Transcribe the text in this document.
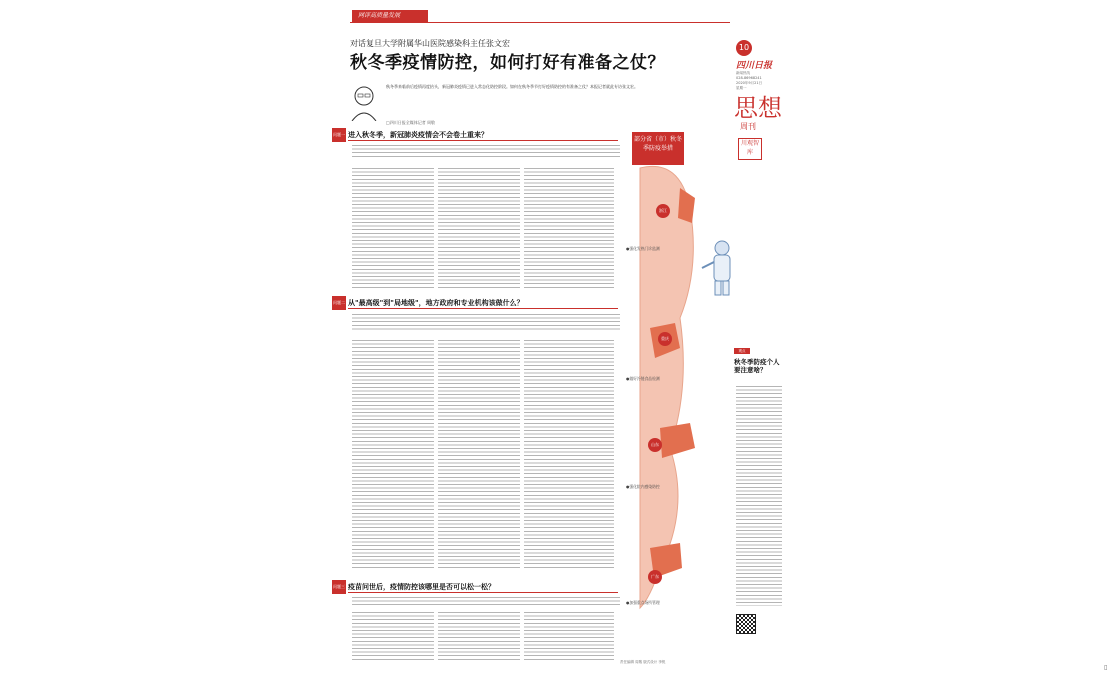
网评高质量发展
对话复旦大学附属华山医院感染科主任张文宏
秋冬季疫情防控，如何打好有准备之仗？
10
四川日报
新闻热线
028-86968241
2020年9月21日
星期一
思想
周刊
川观智库
秋冬季来临前后疫情再度抬头，新冠肺炎疫情已进入常态化防控阶段。如何在秋冬季节打好疫情防控的有准备之仗？本报记者就此专访张文宏。
□四川日报全媒体记者 周敬
问题一 进入秋冬季，新冠肺炎疫情会不会卷土重来？
问题二 从"最高级"到"局地级"，地方政府和专业机构该做什么？
问题三 疫苗问世后，疫情防控该哪里是否可以松一松？
部分省（市）秋冬季防疫举措
浙江
重庆
山东
广东
●强化发热门诊监测
●做好冷链食品检测
●强化院内感染防控
●加强重点场所管理
观点
秋冬季防疫个人要注意啥？
责任编辑 周敬 版式设计 李锐
▯
